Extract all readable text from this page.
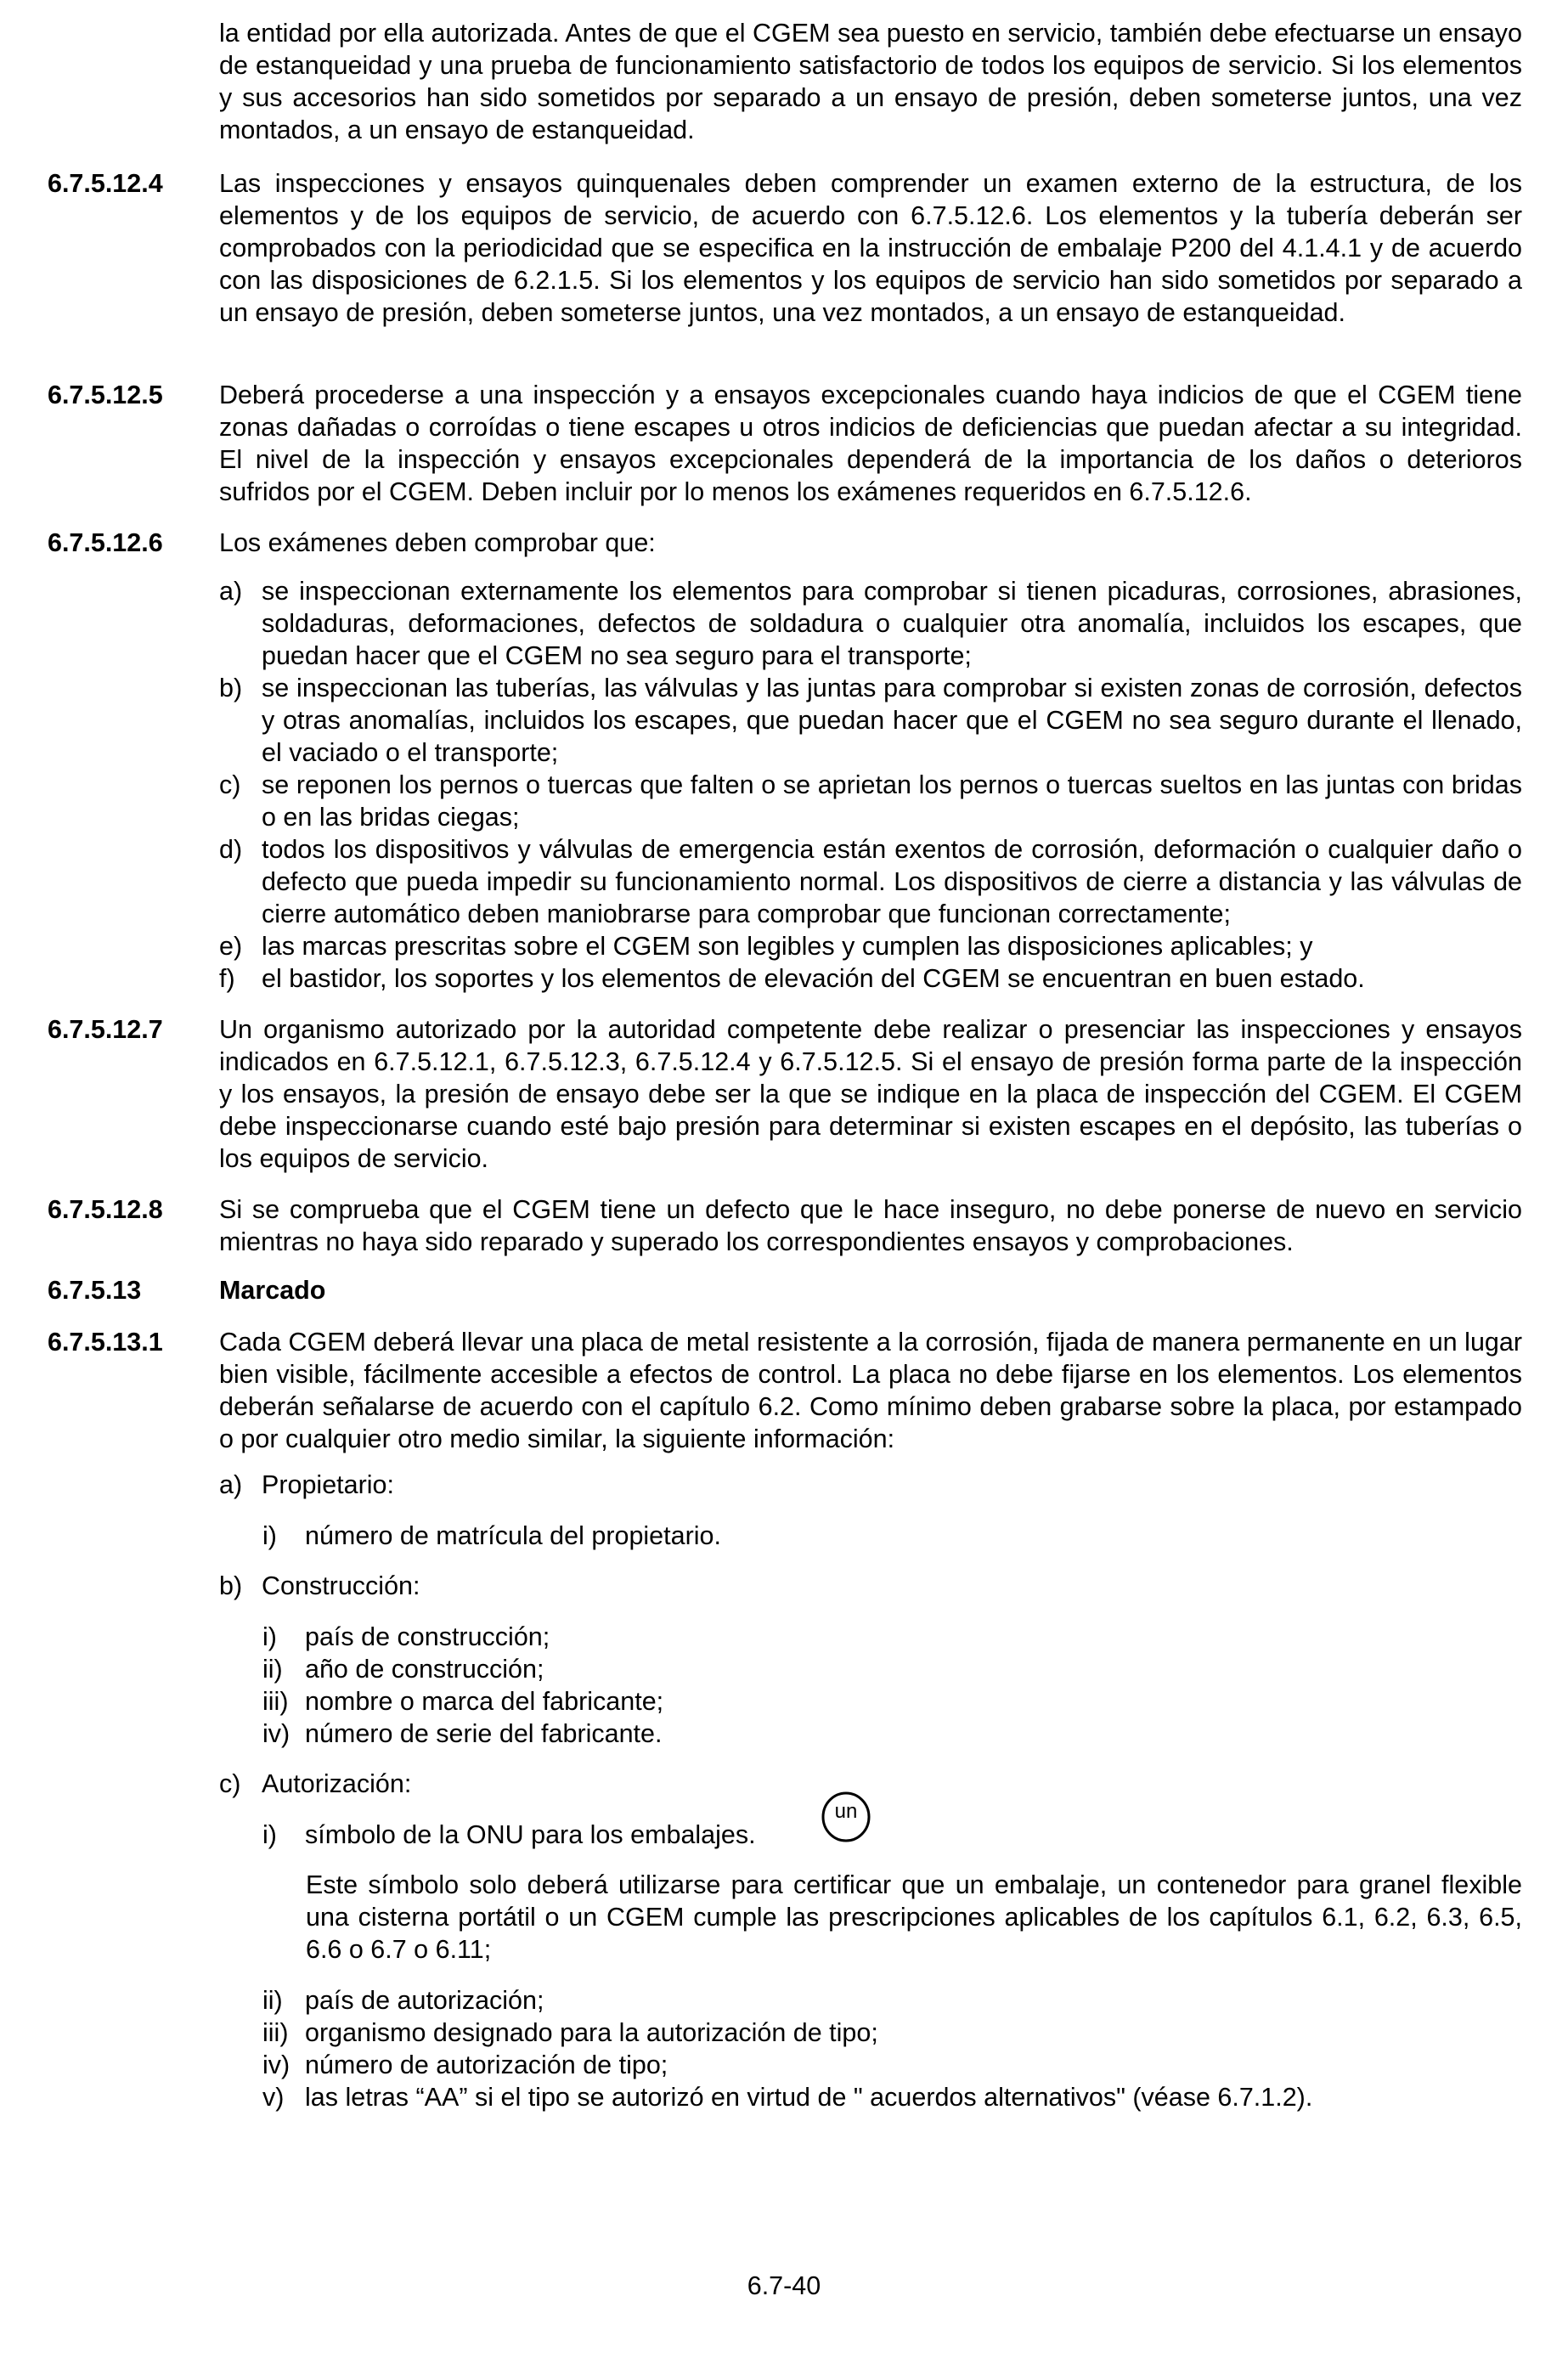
la entidad por ella autorizada. Antes de que el CGEM sea puesto en servicio, también debe efectuarse un ensayo de estanqueidad y una prueba de funcionamiento satisfactorio de todos los equipos de servicio. Si los elementos y sus accesorios han sido sometidos por separado a un ensayo de presión, deben someterse juntos, una vez montados, a un ensayo de estanqueidad.

6.7.5.12.4 Las inspecciones y ensayos quinquenales deben comprender un examen externo de la estructura, de los elementos y de los equipos de servicio, de acuerdo con 6.7.5.12.6. Los elementos y la tubería deberán ser comprobados con la periodicidad que se especifica en la instrucción de embalaje P200 del 4.1.4.1 y de acuerdo con las disposiciones de 6.2.1.5. Si los elementos y los equipos de servicio han sido sometidos por separado a un ensayo de presión, deben someterse juntos, una vez montados, a un ensayo de estanqueidad.

6.7.5.12.5 Deberá procederse a una inspección y a ensayos excepcionales cuando haya indicios de que el CGEM tiene zonas dañadas o corroídas o tiene escapes u otros indicios de deficiencias que puedan afectar a su integridad. El nivel de la inspección y ensayos excepcionales dependerá de la importancia de los daños o deterioros sufridos por el CGEM. Deben incluir por lo menos los exámenes requeridos en 6.7.5.12.6.

6.7.5.12.6 Los exámenes deben comprobar que:

a) se inspeccionan externamente los elementos para comprobar si tienen picaduras, corrosiones, abrasiones, soldaduras, deformaciones, defectos de soldadura o cualquier otra anomalía, incluidos los escapes, que puedan hacer que el CGEM no sea seguro para el transporte;
b) se inspeccionan las tuberías, las válvulas y las juntas para comprobar si existen zonas de corrosión, defectos y otras anomalías, incluidos los escapes, que puedan hacer que el CGEM no sea seguro durante el llenado, el vaciado o el transporte;
c) se reponen los pernos o tuercas que falten o se aprietan los pernos o tuercas sueltos en las juntas con bridas o en las bridas ciegas;
d) todos los dispositivos y válvulas de emergencia están exentos de corrosión, deformación o cualquier daño o defecto que pueda impedir su funcionamiento normal. Los dispositivos de cierre a distancia y las válvulas de cierre automático deben maniobrarse para comprobar que funcionan correctamente;
e) las marcas prescritas sobre el CGEM son legibles y cumplen las disposiciones aplicables; y
f) el bastidor, los soportes y los elementos de elevación del CGEM se encuentran en buen estado.

6.7.5.12.7 Un organismo autorizado por la autoridad competente debe realizar o presenciar las inspecciones y ensayos indicados en 6.7.5.12.1, 6.7.5.12.3, 6.7.5.12.4 y 6.7.5.12.5. Si el ensayo de presión forma parte de la inspección y los ensayos, la presión de ensayo debe ser la que se indique en la placa de inspección del CGEM. El CGEM debe inspeccionarse cuando esté bajo presión para determinar si existen escapes en el depósito, las tuberías o los equipos de servicio.

6.7.5.12.8 Si se comprueba que el CGEM tiene un defecto que le hace inseguro, no debe ponerse de nuevo en servicio mientras no haya sido reparado y superado los correspondientes ensayos y comprobaciones.

6.7.5.13	Marcado

6.7.5.13.1 Cada CGEM deberá llevar una placa de metal resistente a la corrosión, fijada de manera permanente en un lugar bien visible, fácilmente accesible a efectos de control. La placa no debe fijarse en los elementos. Los elementos deberán señalarse de acuerdo con el capítulo 6.2. Como mínimo deben grabarse sobre la placa, por estampado o por cualquier otro medio similar, la siguiente información:

a) Propietario:
i) número de matrícula del propietario.
b) Construcción:
i) país de construcción;
ii) año de construcción;
iii) nombre o marca del fabricante;
iv) número de serie del fabricante.
c) Autorización:
i) símbolo de la ONU para los embalajes.
un

Este símbolo solo deberá utilizarse para certificar que un embalaje, un contenedor para granel flexible una cisterna portátil o un CGEM cumple las prescripciones aplicables de los capítulos 6.1, 6.2, 6.3, 6.5, 6.6 o 6.7 o 6.11;

ii) país de autorización;
iii) organismo designado para la autorización de tipo;
iv) número de autorización de tipo;
v) las letras “AA” si el tipo se autorizó en virtud de " acuerdos alternativos" (véase 6.7.1.2).

6.7-40
